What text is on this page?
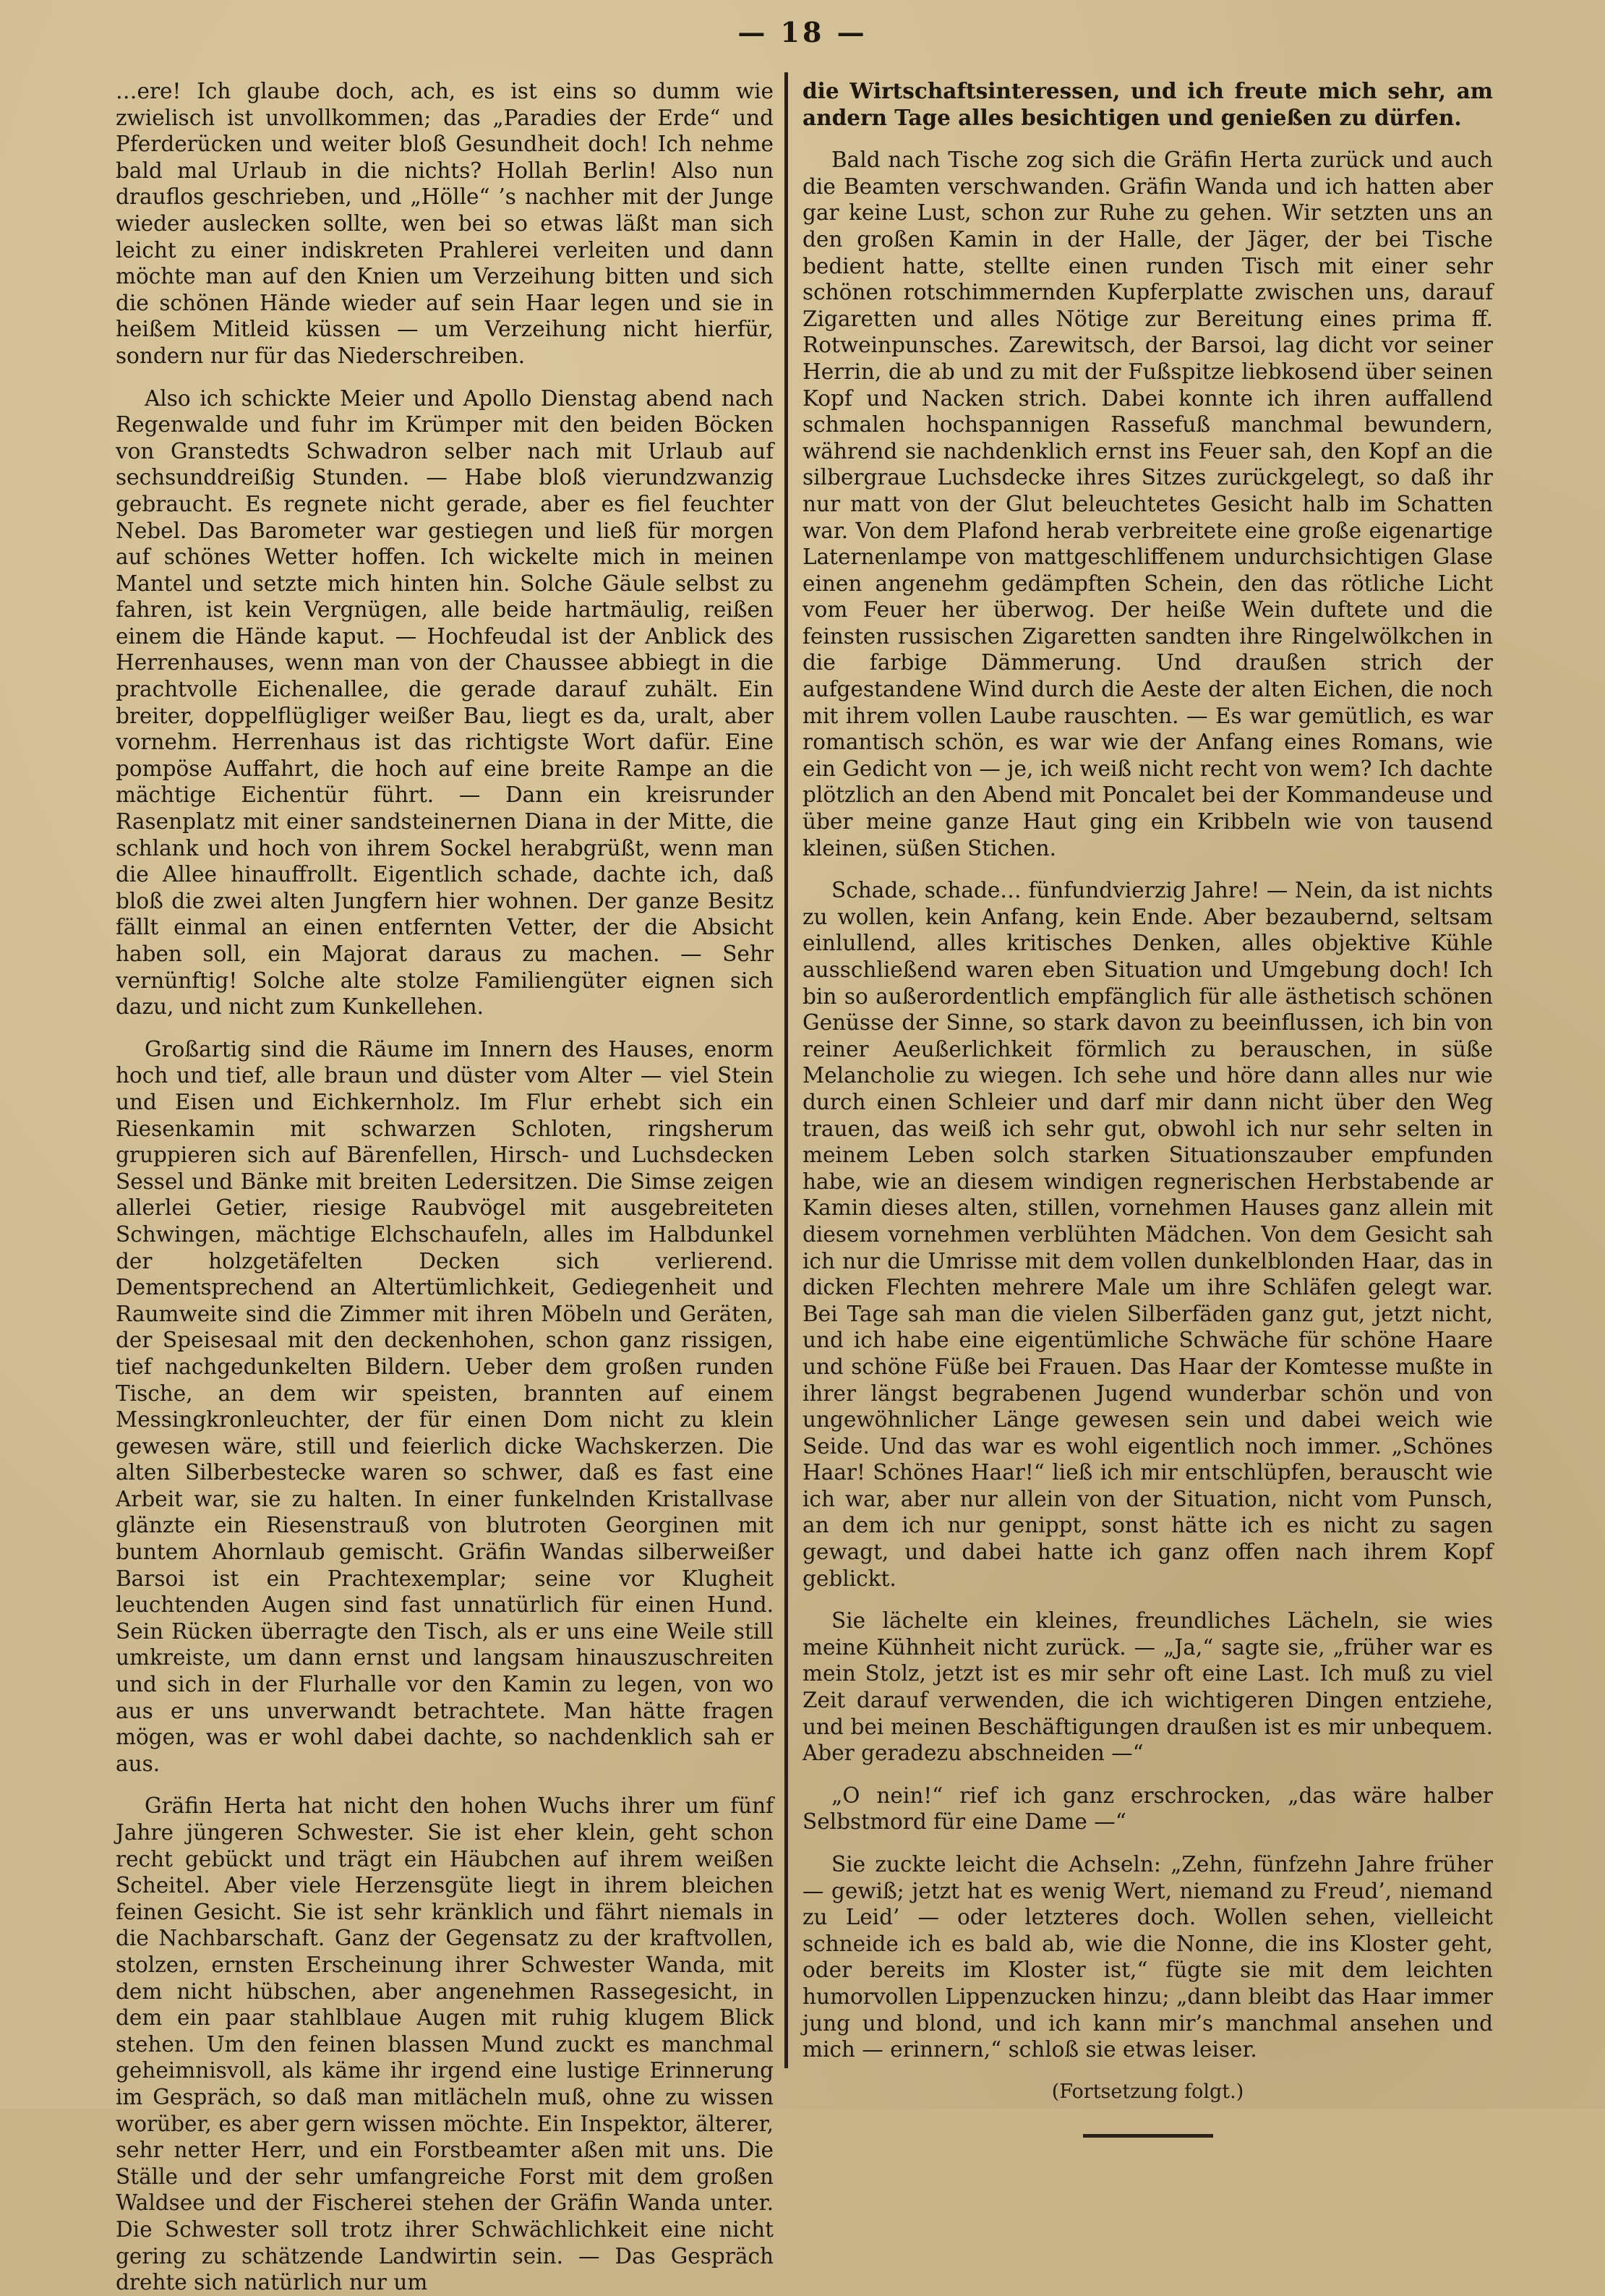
— 18 —

…ere! Ich glaube doch, ach, es ist eins so dumm wie zwielisch ist unvollkommen; das „Paradies der Erde“ und Pferderücken und weiter bloß Gesundheit doch! Ich nehme bald mal Urlaub in die nichts? Hollah Berlin! Also nun drauflos geschrieben, und „Hölle“ ’s nachher mit der Junge wieder auslecken sollte, wen bei so etwas läßt man sich leicht zu einer indiskreten Prahlerei verleiten und dann möchte man auf den Knien um Verzeihung bitten und sich die schönen Hände wieder auf sein Haar legen und sie in heißem Mitleid küssen — um Verzeihung nicht hierfür, sondern nur für das Niederschreiben.

Also ich schickte Meier und Apollo Dienstag abend nach Regenwalde und fuhr im Krümper mit den beiden Böcken von Granstedts Schwadron selber nach mit Urlaub auf sechsunddreißig Stunden. — Habe bloß vierundzwanzig gebraucht. Es regnete nicht gerade, aber es fiel feuchter Nebel. Das Barometer war gestiegen und ließ für morgen auf schönes Wetter hoffen. Ich wickelte mich in meinen Mantel und setzte mich hinten hin. Solche Gäule selbst zu fahren, ist kein Vergnügen, alle beide hartmäulig, reißen einem die Hände kaput. — Hochfeudal ist der Anblick des Herrenhauses, wenn man von der Chaussee abbiegt in die prachtvolle Eichenallee, die gerade darauf zuhält. Ein breiter, doppelflügliger weißer Bau, liegt es da, uralt, aber vornehm. Herrenhaus ist das richtigste Wort dafür. Eine pompöse Auffahrt, die hoch auf eine breite Rampe an die mächtige Eichentür führt. — Dann ein kreisrunder Rasenplatz mit einer sandsteinernen Diana in der Mitte, die schlank und hoch von ihrem Sockel herabgrüßt, wenn man die Allee hinauffrollt. Eigentlich schade, dachte ich, daß bloß die zwei alten Jungfern hier wohnen. Der ganze Besitz fällt einmal an einen entfernten Vetter, der die Absicht haben soll, ein Majorat daraus zu machen. — Sehr vernünftig! Solche alte stolze Familiengüter eignen sich dazu, und nicht zum Kunkellehen.

Großartig sind die Räume im Innern des Hauses, enorm hoch und tief, alle braun und düster vom Alter — viel Stein und Eisen und Eichkernholz. Im Flur erhebt sich ein Riesenkamin mit schwarzen Schloten, ringsherum gruppieren sich auf Bärenfellen, Hirsch- und Luchsdecken Sessel und Bänke mit breiten Ledersitzen. Die Simse zeigen allerlei Getier, riesige Raubvögel mit ausgebreiteten Schwingen, mächtige Elchschaufeln, alles im Halbdunkel der holzgetäfelten Decken sich verlierend. Dementsprechend an Altertümlichkeit, Gediegenheit und Raumweite sind die Zimmer mit ihren Möbeln und Geräten, der Speisesaal mit den deckenhohen, schon ganz rissigen, tief nachgedunkelten Bildern. Ueber dem großen runden Tische, an dem wir speisten, brannten auf einem Messingkronleuchter, der für einen Dom nicht zu klein gewesen wäre, still und feierlich dicke Wachskerzen. Die alten Silberbestecke waren so schwer, daß es fast eine Arbeit war, sie zu halten. In einer funkelnden Kristallvase glänzte ein Riesenstrauß von blutroten Georginen mit buntem Ahornlaub gemischt. Gräfin Wandas silberweißer Barsoi ist ein Prachtexemplar; seine vor Klugheit leuchtenden Augen sind fast unnatürlich für einen Hund. Sein Rücken überragte den Tisch, als er uns eine Weile still umkreiste, um dann ernst und langsam hinauszuschreiten und sich in der Flurhalle vor den Kamin zu legen, von wo aus er uns unverwandt betrachtete. Man hätte fragen mögen, was er wohl dabei dachte, so nachdenklich sah er aus.

Gräfin Herta hat nicht den hohen Wuchs ihrer um fünf Jahre jüngeren Schwester. Sie ist eher klein, geht schon recht gebückt und trägt ein Häubchen auf ihrem weißen Scheitel. Aber viele Herzensgüte liegt in ihrem bleichen feinen Gesicht. Sie ist sehr kränklich und fährt niemals in die Nachbarschaft. Ganz der Gegensatz zu der kraftvollen, stolzen, ernsten Erscheinung ihrer Schwester Wanda, mit dem nicht hübschen, aber angenehmen Rassegesicht, in dem ein paar stahlblaue Augen mit ruhig klugem Blick stehen. Um den feinen blassen Mund zuckt es manchmal geheimnisvoll, als käme ihr irgend eine lustige Erinnerung im Gespräch, so daß man mitlächeln muß, ohne zu wissen worüber, es aber gern wissen möchte. Ein Inspektor, älterer, sehr netter Herr, und ein Forstbeamter aßen mit uns. Die Ställe und der sehr umfangreiche Forst mit dem großen Waldsee und der Fischerei stehen der Gräfin Wanda unter. Die Schwester soll trotz ihrer Schwächlichkeit eine nicht gering zu schätzende Landwirtin sein. — Das Gespräch drehte sich natürlich nur um

die Wirtschaftsinteressen, und ich freute mich sehr, am andern Tage alles besichtigen und genießen zu dürfen.

Bald nach Tische zog sich die Gräfin Herta zurück und auch die Beamten verschwanden. Gräfin Wanda und ich hatten aber gar keine Lust, schon zur Ruhe zu gehen. Wir setzten uns an den großen Kamin in der Halle, der Jäger, der bei Tische bedient hatte, stellte einen runden Tisch mit einer sehr schönen rotschimmernden Kupferplatte zwischen uns, darauf Zigaretten und alles Nötige zur Bereitung eines prima ff. Rotweinpunsches. Zarewitsch, der Barsoi, lag dicht vor seiner Herrin, die ab und zu mit der Fußspitze liebkosend über seinen Kopf und Nacken strich. Dabei konnte ich ihren auffallend schmalen hochspannigen Rassefuß manchmal bewundern, während sie nachdenklich ernst ins Feuer sah, den Kopf an die silbergraue Luchsdecke ihres Sitzes zurückgelegt, so daß ihr nur matt von der Glut beleuchtetes Gesicht halb im Schatten war. Von dem Plafond herab verbreitete eine große eigenartige Laternenlampe von mattgeschliffenem undurchsichtigen Glase einen angenehm gedämpften Schein, den das rötliche Licht vom Feuer her überwog. Der heiße Wein duftete und die feinsten russischen Zigaretten sandten ihre Ringelwölkchen in die farbige Dämmerung. Und draußen strich der aufgestandene Wind durch die Aeste der alten Eichen, die noch mit ihrem vollen Laube rauschten. — Es war gemütlich, es war romantisch schön, es war wie der Anfang eines Romans, wie ein Gedicht von — je, ich weiß nicht recht von wem? Ich dachte plötzlich an den Abend mit Poncalet bei der Kommandeuse und über meine ganze Haut ging ein Kribbeln wie von tausend kleinen, süßen Stichen.

Schade, schade… fünfundvierzig Jahre! — Nein, da ist nichts zu wollen, kein Anfang, kein Ende. Aber bezaubernd, seltsam einlullend, alles kritisches Denken, alles objektive Kühle ausschließend waren eben Situation und Umgebung doch! Ich bin so außerordentlich empfänglich für alle ästhetisch schönen Genüsse der Sinne, so stark davon zu beeinflussen, ich bin von reiner Aeußerlichkeit förmlich zu berauschen, in süße Melancholie zu wiegen. Ich sehe und höre dann alles nur wie durch einen Schleier und darf mir dann nicht über den Weg trauen, das weiß ich sehr gut, obwohl ich nur sehr selten in meinem Leben solch starken Situationszauber empfunden habe, wie an diesem windigen regnerischen Herbstabende ar Kamin dieses alten, stillen, vornehmen Hauses ganz allein mit diesem vornehmen verblühten Mädchen. Von dem Gesicht sah ich nur die Umrisse mit dem vollen dunkelblonden Haar, das in dicken Flechten mehrere Male um ihre Schläfen gelegt war. Bei Tage sah man die vielen Silberfäden ganz gut, jetzt nicht, und ich habe eine eigentümliche Schwäche für schöne Haare und schöne Füße bei Frauen. Das Haar der Komtesse mußte in ihrer längst begrabenen Jugend wunderbar schön und von ungewöhnlicher Länge gewesen sein und dabei weich wie Seide. Und das war es wohl eigentlich noch immer. „Schönes Haar! Schönes Haar!“ ließ ich mir entschlüpfen, berauscht wie ich war, aber nur allein von der Situation, nicht vom Punsch, an dem ich nur genippt, sonst hätte ich es nicht zu sagen gewagt, und dabei hatte ich ganz offen nach ihrem Kopf geblickt.

Sie lächelte ein kleines, freundliches Lächeln, sie wies meine Kühnheit nicht zurück. — „Ja,“ sagte sie, „früher war es mein Stolz, jetzt ist es mir sehr oft eine Last. Ich muß zu viel Zeit darauf verwenden, die ich wichtigeren Dingen entziehe, und bei meinen Beschäftigungen draußen ist es mir unbequem. Aber geradezu abschneiden —“

„O nein!“ rief ich ganz erschrocken, „das wäre halber Selbstmord für eine Dame —“

Sie zuckte leicht die Achseln: „Zehn, fünfzehn Jahre früher — gewiß; jetzt hat es wenig Wert, niemand zu Freud’, niemand zu Leid’ — oder letzteres doch. Wollen sehen, vielleicht schneide ich es bald ab, wie die Nonne, die ins Kloster geht, oder bereits im Kloster ist,“ fügte sie mit dem leichten humorvollen Lippenzucken hinzu; „dann bleibt das Haar immer jung und blond, und ich kann mir’s manchmal ansehen und mich — erinnern,“ schloß sie etwas leiser.

(Fortsetzung folgt.)
